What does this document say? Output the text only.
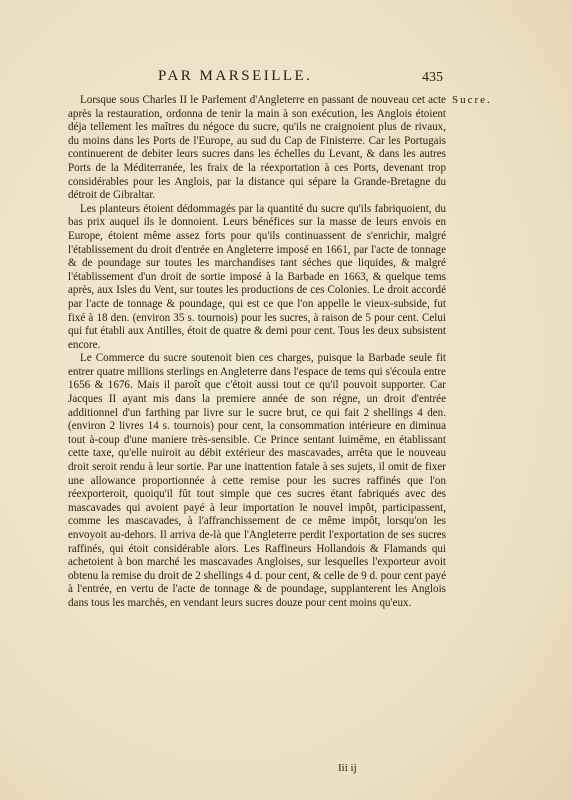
PAR MARSEILLE.	435
Sucre.

Lorsque sous Charles II le Parlement d'Angleterre en passant de nouveau cet acte après la restauration, ordonna de tenir la main à son exécution, les Anglois étoient déja tellement les maîtres du négoce du sucre, qu'ils ne craignoient plus de rivaux, du moins dans les Ports de l'Europe, au sud du Cap de Finisterre. Car les Portugais continuerent de debiter leurs sucres dans les échelles du Levant, & dans les autres Ports de la Méditerranée, les fraix de la réexportation à ces Ports, devenant trop considérables pour les Anglois, par la distance qui sépare la Grande-Bretagne du détroit de Gibraltar.

Les planteurs étoient dédommagés par la quantité du sucre qu'ils fabriquoient, du bas prix auquel ils le donnoient. Leurs bénéfices sur la masse de leurs envois en Europe, étoient même assez forts pour qu'ils continuassent de s'enrichir, malgré l'établissement du droit d'entrée en Angleterre imposé en 1661, par l'acte de tonnage & de poundage sur toutes les marchandises tant séches que liquides, & malgré l'établissement d'un droit de sortie imposé à la Barbade en 1663, & quelque tems après, aux Isles du Vent, sur toutes les productions de ces Colonies. Le droit accordé par l'acte de tonnage & poundage, qui est ce que l'on appelle le vieux-subside, fut fixé à 18 den. (environ 35 s. tournois) pour les sucres, à raison de 5 pour cent. Celui qui fut établi aux Antilles, étoit de quatre & demi pour cent. Tous les deux subsistent encore.

Le Commerce du sucre soutenoit bien ces charges, puisque la Barbade seule fit entrer quatre millions sterlings en Angleterre dans l'espace de tems qui s'écoula entre 1656 & 1676. Mais il paroît que c'étoit aussi tout ce qu'il pouvoit supporter. Car Jacques II ayant mis dans la premiere année de son régne, un droit d'entrée additionnel d'un farthing par livre sur le sucre brut, ce qui fait 2 shellings 4 den. (environ 2 livres 14 s. tournois) pour cent, la consommation intérieure en diminua tout à-coup d'une maniere très-sensible. Ce Prince sentant luimême, en établissant cette taxe, qu'elle nuiroit au débit extérieur des mascavades, arrêta que le nouveau droit seroit rendu à leur sortie. Par une inattention fatale à ses sujets, il omit de fixer une allowance proportionnée à cette remise pour les sucres raffinés que l'on réexporteroit, quoiqu'il fût tout simple que ces sucres étant fabriqués avec des mascavades qui avoient payé à leur importation le nouvel impôt, participassent, comme les mascavades, à l'affranchissement de ce même impôt, lorsqu'on les envoyoit au-dehors. Il arriva de-là que l'Angleterre perdit l'exportation de ses sucres raffinés, qui étoit considérable alors. Les Raffineurs Hollandois & Flamands qui achetoient à bon marché les mascavades Angloises, sur lesquelles l'exporteur avoit obtenu la remise du droit de 2 shellings 4 d. pour cent, & celle de 9 d. pour cent payé à l'entrée, en vertu de l'acte de tonnage & de poundage, supplanterent les Anglois dans tous les marchés, en vendant leurs sucres douze pour cent moins qu'eux.

Iii ij
